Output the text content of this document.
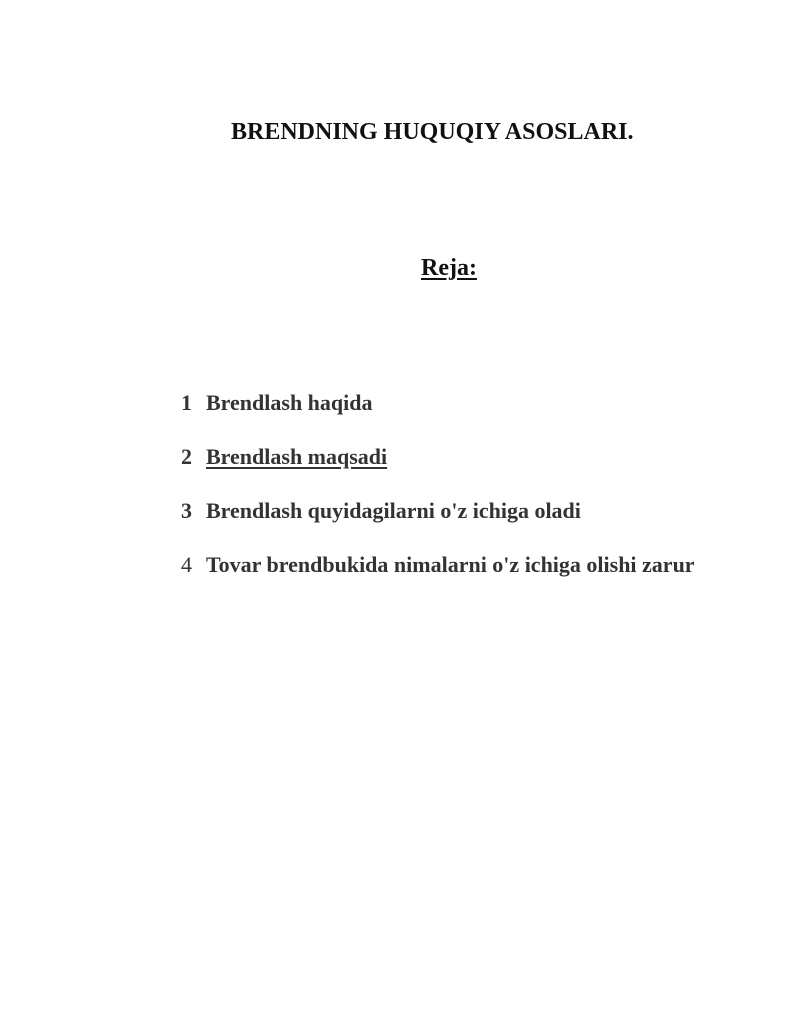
BRENDNING HUQUQIY ASOSLARI.
Reja:
1 Brendlash haqida
2 Brendlash maqsadi
3 Brendlash quyidagilarni o'z ichiga oladi
4 Tovar brendbukida nimalarni o'z ichiga olishi zarur
